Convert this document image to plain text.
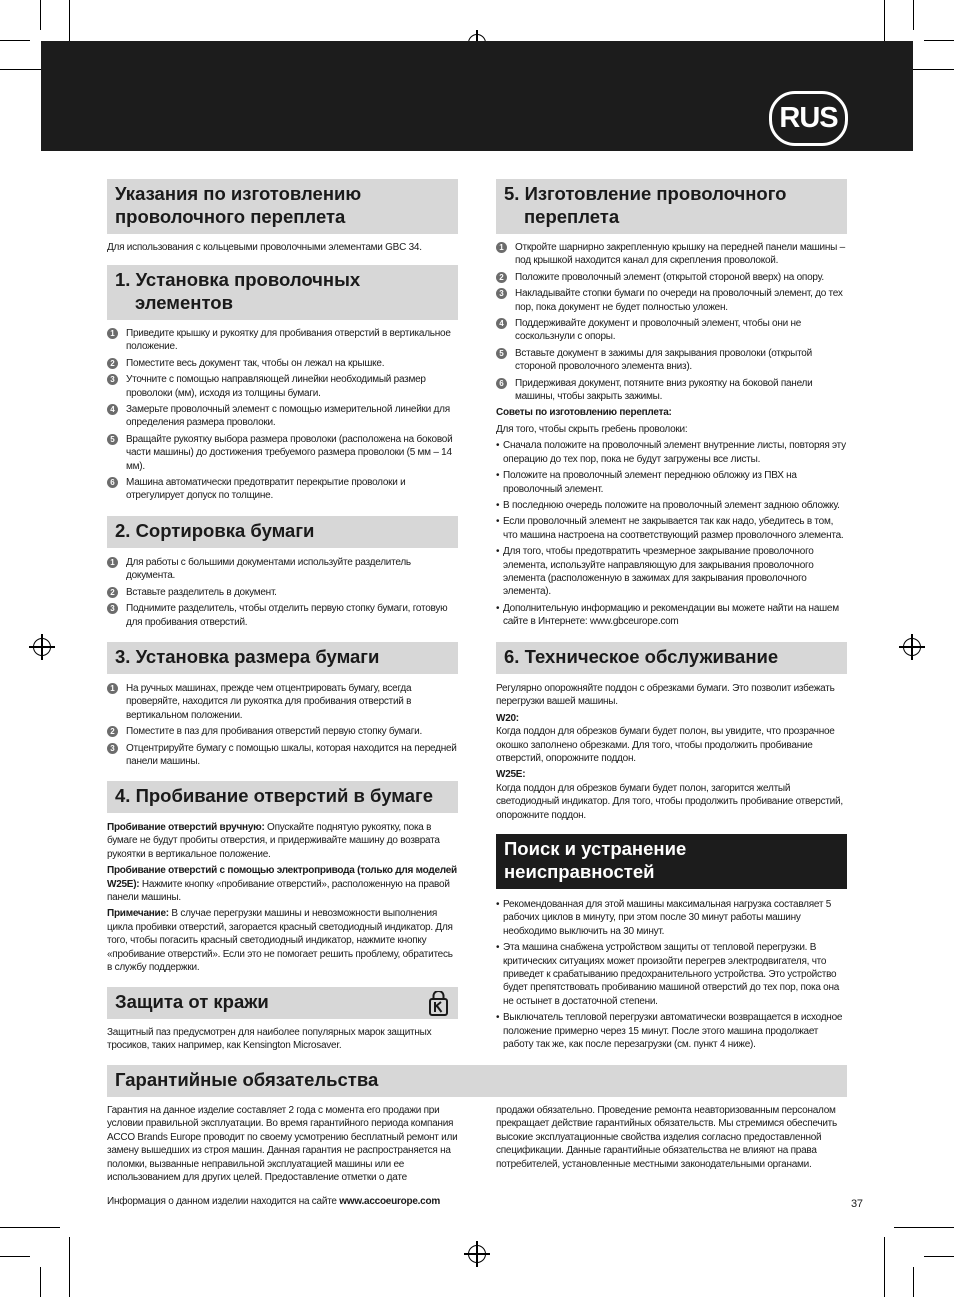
RUS
Указания по изготовлению проволочного переплета
Для использования с кольцевыми проволочными элементами GBC 34.
1. Установка проволочных
элементов
1	Приведите крышку и рукоятку для пробивания отверстий в вертикальное положение.
2	Поместите весь документ так, чтобы он лежал на крышке.
3	Уточните с помощью направляющей линейки необходимый размер проволоки (мм), исходя из толщины бумаги.
4	Замерьте проволочный элемент с помощью измерительной линейки для определения размера проволоки.
5	Вращайте рукоятку выбора размера проволоки (расположена на боковой части машины) до достижения требуемого размера проволоки (5 мм – 14 мм).
6	Машина автоматически предотвратит перекрытие проволоки и отрегулирует допуск по толщине.
2. Сортировка бумаги
1	Для работы с большими документами используйте разделитель документа.
2	Вставьте разделитель в документ.
3	Поднимите разделитель, чтобы отделить первую стопку бумаги, готовую для пробивания отверстий.
3. Установка размера бумаги
1	На ручных машинах, прежде чем отцентрировать бумагу, всегда проверяйте, находится ли рукоятка для пробивания отверстий в вертикальном положении.
2	Поместите в паз для пробивания отверстий первую стопку бумаги.
3	Отцентрируйте бумагу с помощью шкалы, которая находится на передней панели машины.
4. Пробивание отверстий в бумаге

Пробивание отверстий вручную: Опускайте поднятую рукоятку, пока в бумаге не будут пробиты отверстия, и придерживайте машину до возврата рукоятки в вертикальное положение.

Пробивание отверстий с помощью электропривода (только для моделей W25E): Нажмите кнопку «пробивание отверстий», расположенную на правой панели машины.

Примечание: В случае перегрузки машины и невозможности выполнения цикла пробивки отверстий, загорается красный светодиодный индикатор. Для того, чтобы погасить красный светодиодный индикатор, нажмите кнопку «пробивание отверстий». Если это не помогает решить проблему, обратитесь в службу поддержки.

Защита от кражи
Защитный паз предусмотрен для наиболее популярных марок защитных тросиков, таких например, как Kensington Microsaver.
5. Изготовление проволочного
переплета
1	Откройте шарнирно закрепленную крышку на передней панели машины – под крышкой находится канал для скрепления проволокой.
2	Положите проволочный элемент (открытой стороной вверх) на опору.
3	Накладывайте стопки бумаги по очереди на проволочный элемент, до тех пор, пока документ не будет полностью уложен.
4	Поддерживайте документ и проволочный элемент, чтобы они не соскользнули с опоры.
5	Вставьте документ в зажимы для закрывания проволоки (открытой стороной проволочного элемента вниз).
6	Придерживая документ, потяните вниз рукоятку на боковой панели машины, чтобы закрыть зажимы.

Советы по изготовлению переплета:

Для того, чтобы скрыть гребень проволоки:

• Сначала положите на проволочный элемент внутренние листы, повторяя эту операцию до тех пор, пока не будут загружены все листы.
• Положите на проволочный элемент переднюю обложку из ПВХ на проволочный элемент.
• В последнюю очередь положите на проволочный элемент заднюю обложку.
• Если проволочный элемент не закрывается так как надо, убедитесь в том, что машина настроена на соответствующий размер проволочного элемента.
• Для того, чтобы предотвратить чрезмерное закрывание проволочного элемента, используйте направляющую для закрывания проволочного элемента (расположенную в зажимах для закрывания проволочного элемента).
• Дополнительную информацию и рекомендации вы можете найти на нашем сайте в Интернете: www.gbceurope.com
6. Техническое обслуживание

Регулярно опорожняйте поддон с обрезками бумаги. Это позволит избежать перегрузки вашей машины.

W20:

Когда поддон для обрезков бумаги будет полон, вы увидите, что прозрачное окошко заполнено обрезками. Для того, чтобы продолжить пробивание отверстий, опорожните поддон.

W25E:

Когда поддон для обрезков бумаги будет полон, загорится желтый светодиодный индикатор. Для того, чтобы продолжить пробивание отверстий, опорожните поддон.

Поиск и устранение
неисправностей
• Рекомендованная для этой машины максимальная нагрузка составляет 5 рабочих циклов в минуту, при этом после 30 минут работы машину необходимо выключить на 30 минут.
• Эта машина снабжена устройством защиты от тепловой перегрузки. В критических ситуациях может произойти перегрев электродвигателя, что приведет к срабатыванию предохранительного устройства. Это устройство будет препятствовать пробиванию машиной отверстий до тех пор, пока она не остынет в достаточной степени.
• Выключатель тепловой перегрузки автоматически возвращается в исходное положение примерно через 15 минут. После этого машина продолжает работу так же, как после перезагрузки (см. пункт 4 ниже).
Гарантийные обязательства
Гарантия на данное изделие составляет 2 года с момента его продажи при условии правильной эксплуатации. Во время гарантийного периода компания ACCO Brands Europe проводит по своему усмотрению бесплатный ремонт или замену вышедших из строя машин. Данная гарантия не распространяется на поломки, вызванные неправильной эксплуатацией машины или ее использованием для других целей. Предоставление отметки о дате
продажи обязательно. Проведение ремонта неавторизованным персоналом прекращает действие гарантийных обязательств. Мы стремимся обеспечить высокие эксплуатационные свойства изделия согласно предоставленной спецификации. Данные гарантийные обязательства не влияют на права потребителей, установленные местными законодательными органами.
Информация о данном изделии находится на сайте www.accoeurope.com	37
